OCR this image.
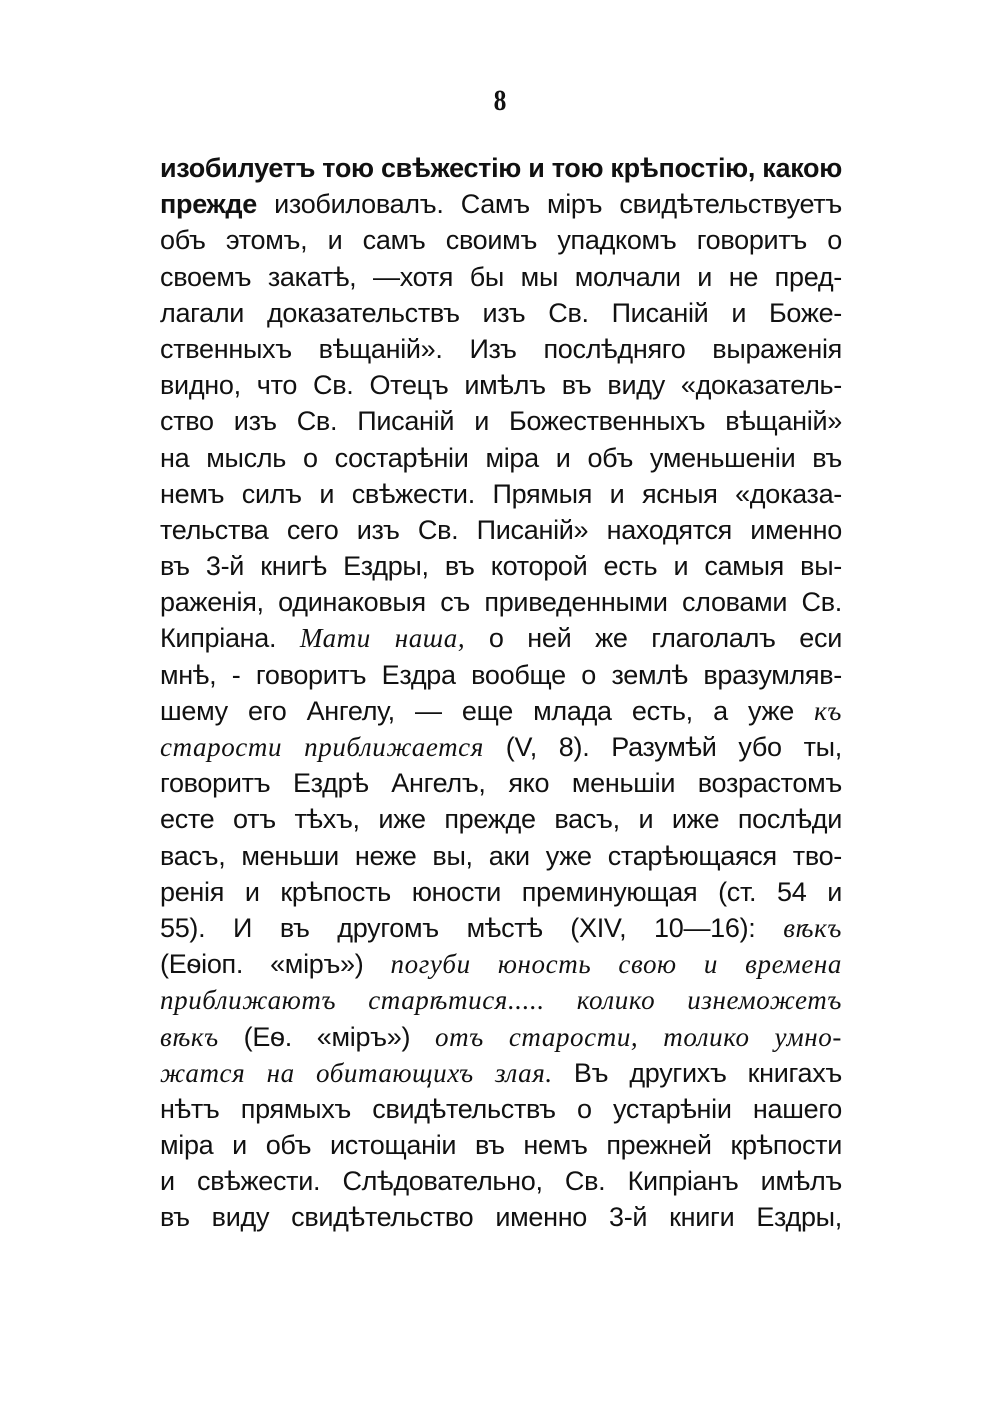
8
изобилуетъ тою свѣжестію и тою крѣпостію, какою
прежде изобиловалъ. Самъ міръ свидѣтельствуетъ
объ этомъ, и самъ своимъ упадкомъ говоритъ о
своемъ закатѣ, —хотя бы мы молчали и не пред-
лагали доказательствъ изъ Св. Писаній и Боже-
ственныхъ вѣщаній». Изъ послѣдняго выраженія
видно, что Св. Отецъ имѣлъ въ виду «доказатель-
ство изъ Св. Писаній и Божественныхъ вѣщаній»
на мысль о состарѣніи міра и объ уменьшеніи въ
немъ силъ и свѣжести. Прямыя и ясныя «доказа-
тельства сего изъ Св. Писаній» находятся именно
въ 3-й книгѣ Ездры, въ которой есть и самыя вы-
раженія, одинаковыя съ приведенными словами Св.
Кипріана. Мати наша, о ней же глаголалъ еси
мнѣ, - говоритъ Ездра вообще о землѣ вразумляв-
шему его Ангелу, — еще млада есть, а уже къ
старости приближается (V, 8). Разумѣй убо ты,
говоритъ Ездрѣ Ангелъ, яко меньшіи возрастомъ
есте отъ тѣхъ, иже прежде васъ, и иже послѣди
васъ, меньши неже вы, аки уже старѣющаяся тво-
ренія и крѣпость юности преминующая (ст. 54 и
55). И въ другомъ мѣстѣ (XIV, 10—16): вѣкъ
(Еѳіоп. «міръ») погуби юность свою и времена
приближаютъ старѣтися..... колико изнеможетъ
вѣкъ (Еѳ. «міръ») отъ старости, толико умно-
жатся на обитающихъ злая. Въ другихъ книгахъ
нѣтъ прямыхъ свидѣтельствъ о устарѣніи нашего
міра и объ истощаніи въ немъ прежней крѣпости
и свѣжести. Слѣдовательно, Св. Кипріанъ имѣлъ
въ виду свидѣтельство именно 3-й книги Ездры,
